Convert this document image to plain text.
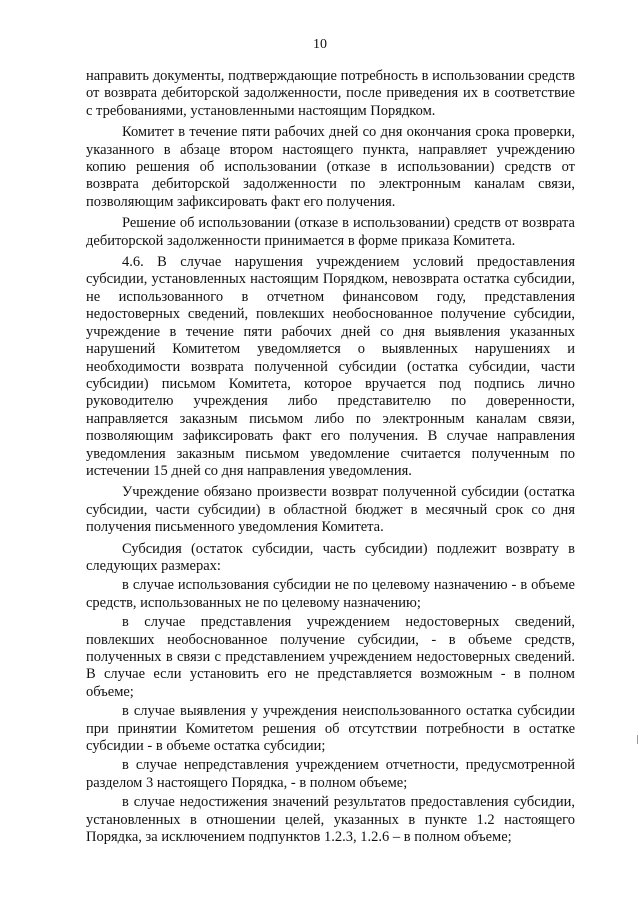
10

направить документы, подтверждающие потребность в использовании средств от возврата дебиторской задолженности, после приведения их в соответствие с требованиями, установленными настоящим Порядком.

Комитет в течение пяти рабочих дней со дня окончания срока проверки, указанного в абзаце втором настоящего пункта, направляет учреждению копию решения об использовании (отказе в использовании) средств от возврата дебиторской задолженности по электронным каналам связи, позволяющим зафиксировать факт его получения.

Решение об использовании (отказе в использовании) средств от возврата дебиторской задолженности принимается в форме приказа Комитета.

4.6. В случае нарушения учреждением условий предоставления субсидии, установленных настоящим Порядком, невозврата остатка субсидии, не использованного в отчетном финансовом году, представления недостоверных сведений, повлекших необоснованное получение субсидии, учреждение в течение пяти рабочих дней со дня выявления указанных нарушений Комитетом уведомляется о выявленных нарушениях и необходимости возврата полученной субсидии (остатка субсидии, части субсидии) письмом Комитета, которое вручается под подпись лично руководителю учреждения либо представителю по доверенности, направляется заказным письмом либо по электронным каналам связи, позволяющим зафиксировать факт его получения. В случае направления уведомления заказным письмом уведомление считается полученным по истечении 15 дней со дня направления уведомления.

Учреждение обязано произвести возврат полученной субсидии (остатка субсидии, части субсидии) в областной бюджет в месячный срок со дня получения письменного уведомления Комитета.

Субсидия (остаток субсидии, часть субсидии) подлежит возврату в следующих размерах:

в случае использования субсидии не по целевому назначению - в объеме средств, использованных не по целевому назначению;

в случае представления учреждением недостоверных сведений, повлекших необоснованное получение субсидии, - в объеме средств, полученных в связи с представлением учреждением недостоверных сведений. В случае если установить его не представляется возможным - в полном объеме;

в случае выявления у учреждения неиспользованного остатка субсидии при принятии Комитетом решения об отсутствии потребности в остатке субсидии - в объеме остатка субсидии;

в случае непредставления учреждением отчетности, предусмотренной разделом 3 настоящего Порядка, - в полном объеме;

в случае недостижения значений результатов предоставления субсидии, установленных в отношении целей, указанных в пункте 1.2 настоящего Порядка, за исключением подпунктов 1.2.3, 1.2.6 – в полном объеме;
